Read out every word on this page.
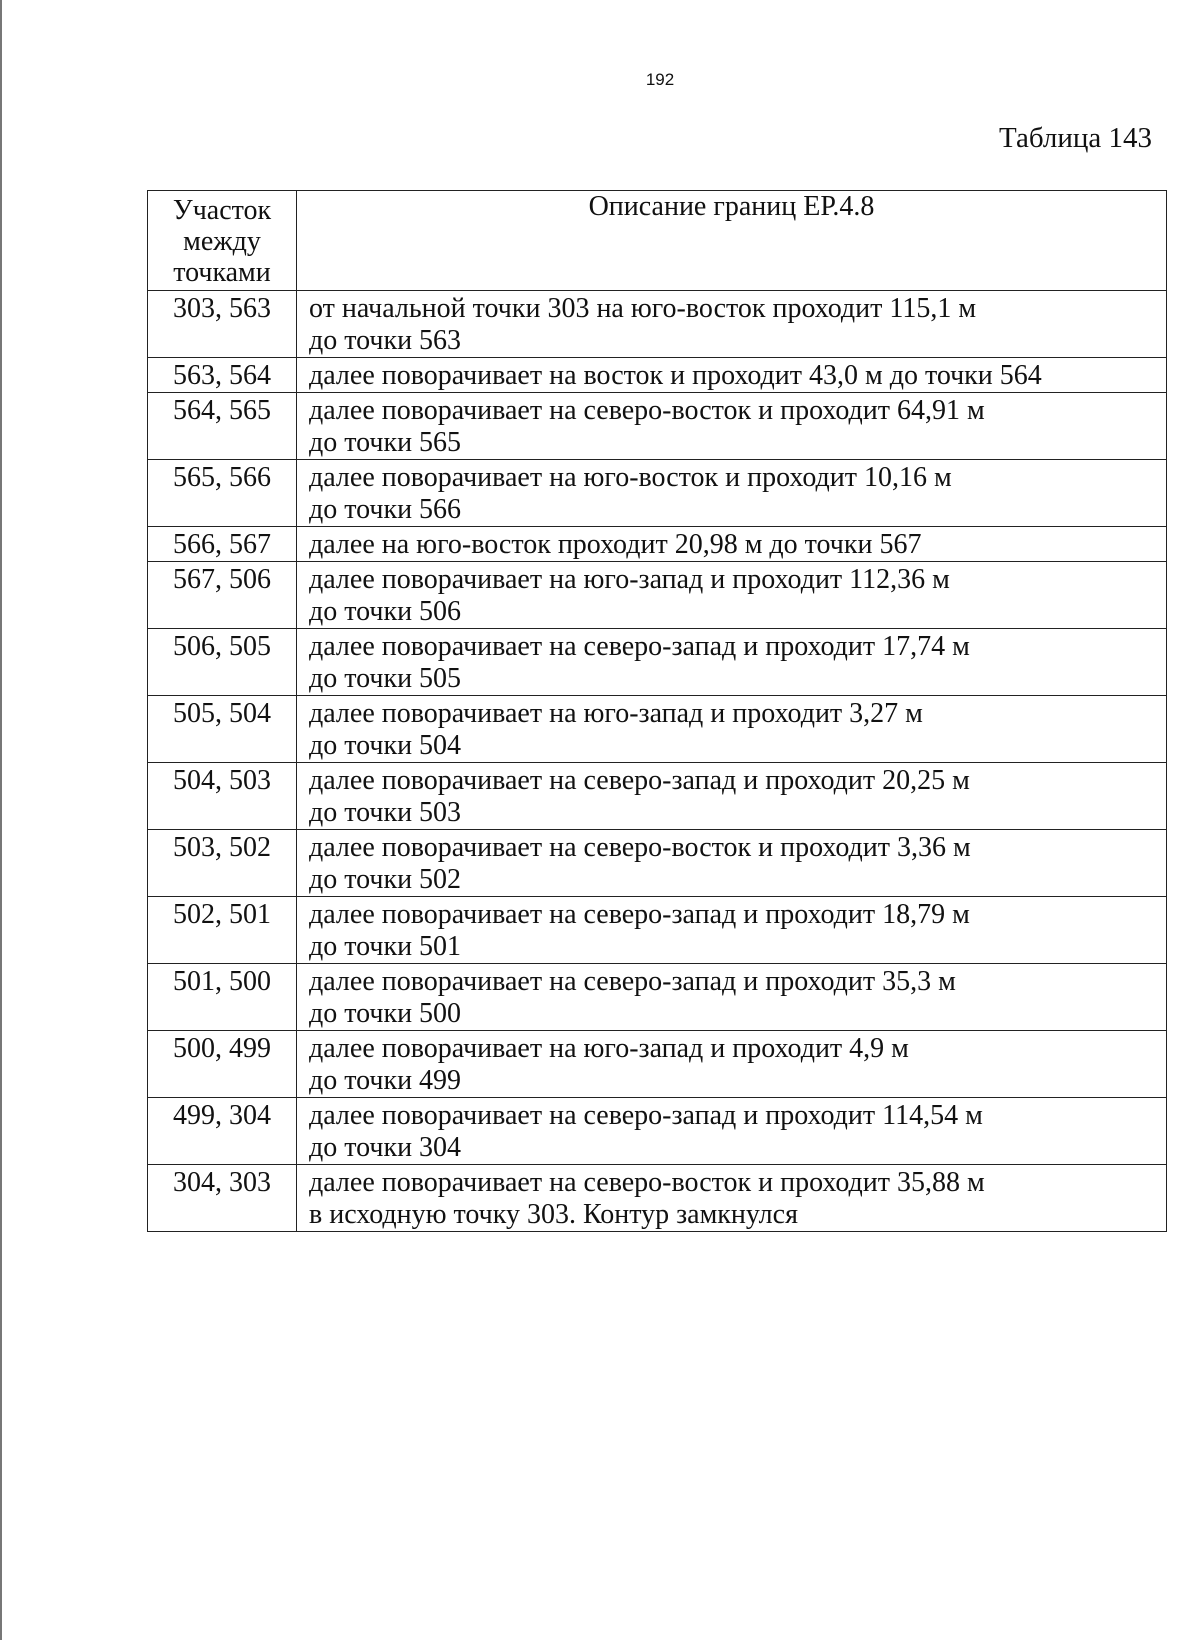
192
Таблица 143
Участок
между
точками	Описание границ ЕР.4.8
303, 563	от начальной точки 303 на юго-восток проходит 115,1 м
до точки 563

563, 564	далее поворачивает на восток и проходит 43,0 м до точки 564

564, 565	далее поворачивает на северо-восток и проходит 64,91 м
до точки 565

565, 566	далее поворачивает на юго-восток и проходит 10,16 м
до точки 566

566, 567	далее на юго-восток проходит 20,98 м до точки 567

567, 506	далее поворачивает на юго-запад и проходит 112,36 м
до точки 506

506, 505	далее поворачивает на северо-запад и проходит 17,74 м
до точки 505

505, 504	далее поворачивает на юго-запад и проходит 3,27 м
до точки 504

504, 503	далее поворачивает на северо-запад и проходит 20,25 м
до точки 503

503, 502	далее поворачивает на северо-восток и проходит 3,36 м
до точки 502

502, 501	далее поворачивает на северо-запад и проходит 18,79 м
до точки 501

501, 500	далее поворачивает на северо-запад и проходит 35,3 м
до точки 500

500, 499	далее поворачивает на юго-запад и проходит 4,9 м
до точки 499

499, 304	далее поворачивает на северо-запад и проходит 114,54 м
до точки 304

304, 303	далее поворачивает на северо-восток и проходит 35,88 м
в исходную точку 303. Контур замкнулся
